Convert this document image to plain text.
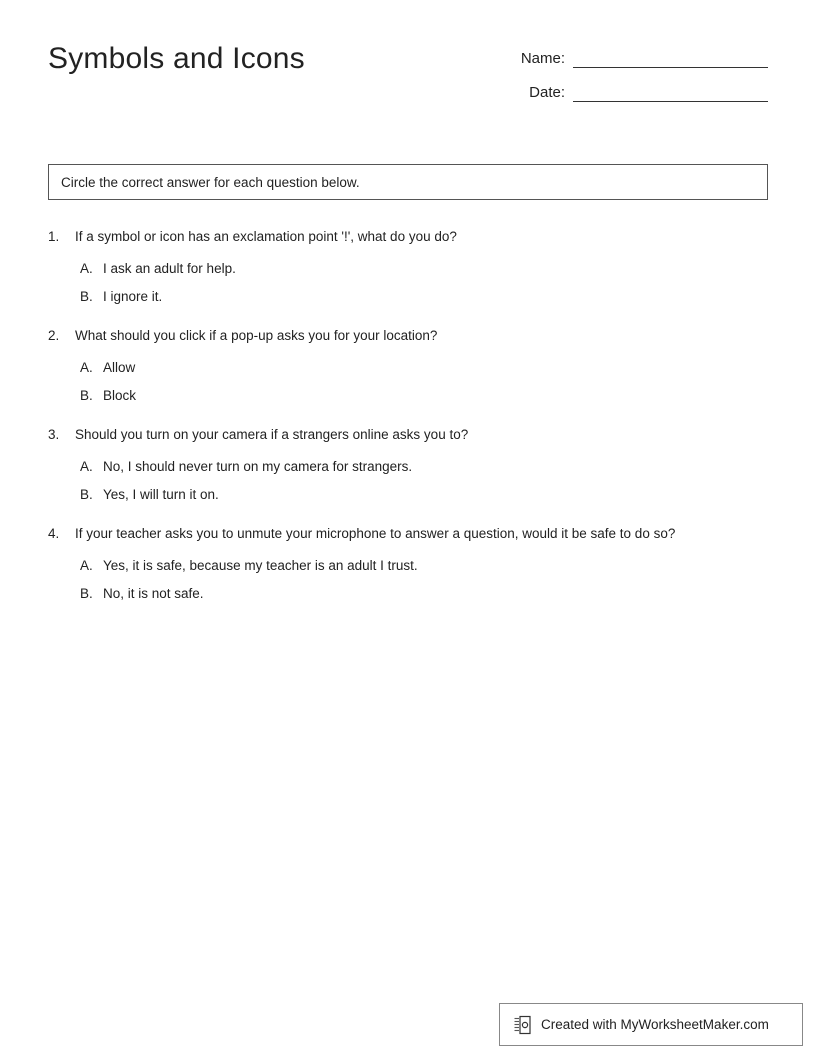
Symbols and Icons	Name:
Date:
Circle the correct answer for each question below.
1.	If a symbol or icon has an exclamation point '!', what do you do?
A. I ask an adult for help.
B. I ignore it.
2.	What should you click if a pop-up asks you for your location?
A. Allow
B. Block
3.	Should you turn on your camera if a strangers online asks you to?
A. No, I should never turn on my camera for strangers.
B. Yes, I will turn it on.
4.	If your teacher asks you to unmute your microphone to answer a question, would it be safe to do so?
A. Yes, it is safe, because my teacher is an adult I trust.
B. No, it is not safe.
Created with MyWorksheetMaker.com
